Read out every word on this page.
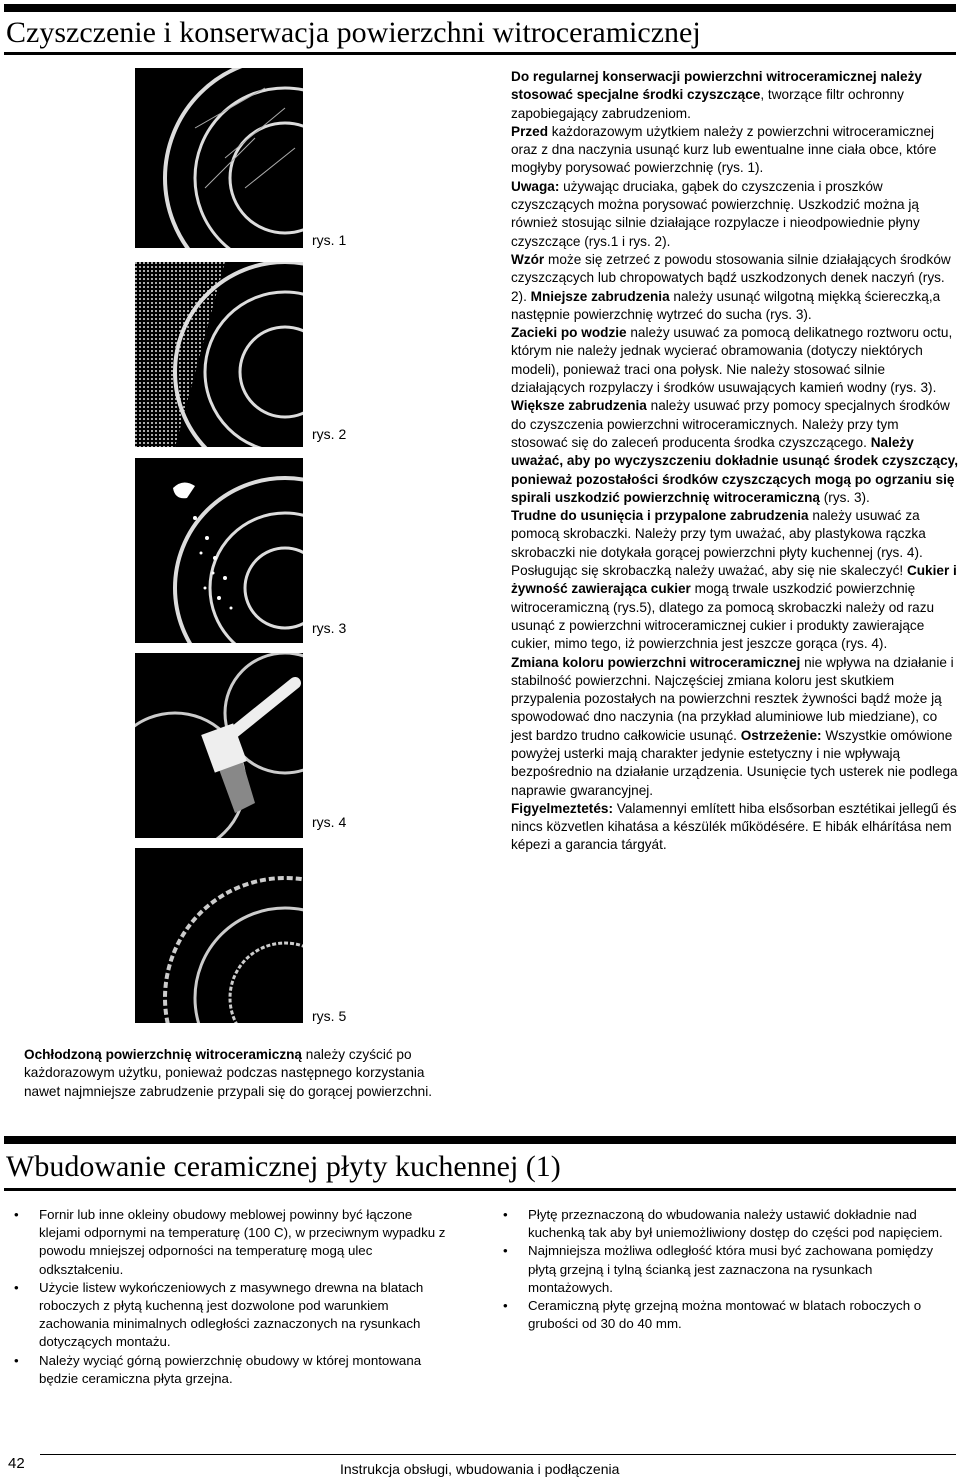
Czyszczenie i konserwacja powierzchni witroceramicznej
rys. 1
rys. 2
rys. 3
rys. 4
rys. 5

Ochłodzoną powierzchnię witroceramiczną należy czyścić po każdorazowym użytku, ponieważ podczas następnego korzystania nawet najmniejsze zabrudzenie przypali się do gorącej powierzchni.

Do regularnej konserwacji powierzchni witroceramicznej należy stosować specjalne środki czyszczące, tworzące filtr ochronny zapobiegający zabrudzeniom.
Przed każdorazowym użytkiem należy z powierzchni witroceramicznej oraz z dna naczynia usunąć kurz lub ewentualne inne ciała obce, które mogłyby porysować powierzchnię (rys. 1).
Uwaga: używając druciaka, gąbek do czyszczenia i proszków czyszczących można porysować powierzchnię. Uszkodzić można ją również stosując silnie działające rozpylacze i nieodpowiednie płyny czyszczące (rys.1 i rys. 2).
Wzór może się zetrzeć z powodu stosowania silnie działających środków czyszczących lub chropowatych bądź uszkodzonych denek naczyń (rys. 2). Mniejsze zabrudzenia należy usunąć wilgotną miękką ściereczką,a następnie powierzchnię wytrzeć do sucha (rys. 3).
Zacieki po wodzie należy usuwać za pomocą delikatnego roztworu octu, którym nie należy jednak wycierać obramowania (dotyczy niektórych modeli), ponieważ traci ona połysk. Nie należy stosować silnie działających rozpylaczy i środków usuwających kamień wodny (rys. 3). Większe zabrudzenia należy usuwać przy pomocy specjalnych środków do czyszczenia powierzchni witroceramicznych. Należy przy tym stosować się do zaleceń producenta środka czyszczącego. Należy uważać, aby po wyczyszczeniu dokładnie usunąć środek czyszczący, ponieważ pozostałości środków czyszczących mogą po ogrzaniu się spirali uszkodzić powierzchnię witroceramiczną (rys. 3).
Trudne do usunięcia i przypalone zabrudzenia należy usuwać za pomocą skrobaczki. Należy przy tym uważać, aby plastykowa rączka skrobaczki nie dotykała gorącej powierzchni płyty kuchennej (rys. 4). Posługując się skrobaczką należy uważać, aby się nie skaleczyć! Cukier i żywność zawierająca cukier mogą trwale uszkodzić powierzchnię witroceramiczną (rys.5), dlatego za pomocą skrobaczki należy od razu usunąć z powierzchni witroceramicznej cukier i produkty zawierające cukier, mimo tego, iż powierzchnia jest jeszcze gorąca (rys. 4).
Zmiana koloru powierzchni witroceramicznej nie wpływa na działanie i stabilność powierzchni. Najczęściej zmiana koloru jest skutkiem przypalenia pozostałych na powierzchni resztek żywności bądź może ją spowodować dno naczynia (na przykład aluminiowe lub miedziane), co jest bardzo trudno całkowicie usunąć. Ostrzeżenie: Wszystkie omówione powyżej usterki mają charakter jedynie estetyczny i nie wpływają bezpośrednio na działanie urządzenia. Usunięcie tych usterek nie podlega naprawie gwarancyjnej.
Figyelmeztetés: Valamennyi említett hiba elsősorban esztétikai jellegű és nincs közvetlen kihatása a készülék működésére. E hibák elhárítása nem képezi a garancia tárgyát.
Wbudowanie ceramicznej płyty kuchennej (1)
• Fornir lub inne okleiny obudowy meblowej powinny być łączone klejami odpornymi na temperaturę (100 C), w przeciwnym wypadku z powodu mniejszej odporności na temperaturę mogą ulec odkształceniu.
• Użycie listew wykończeniowych z masywnego drewna na blatach roboczych z płytą kuchenną jest dozwolone pod warunkiem zachowania minimalnych odległości zaznaczonych na rysunkach dotyczących montażu.
• Należy wyciąć górną powierzchnię obudowy w której montowana będzie ceramiczna płyta grzejna.
• Płytę przeznaczoną do wbudowania należy ustawić dokładnie nad kuchenką tak aby był uniemożliwiony dostęp do części pod napięciem.
• Najmniejsza możliwa odległość która musi być zachowana pomiędzy płytą grzejną i tylną ścianką jest zaznaczona na rysunkach montażowych.
• Ceramiczną płytę grzejną można montować w blatach roboczych o grubości od 30 do 40 mm.
42	Instrukcja obsługi, wbudowania i podłączenia
